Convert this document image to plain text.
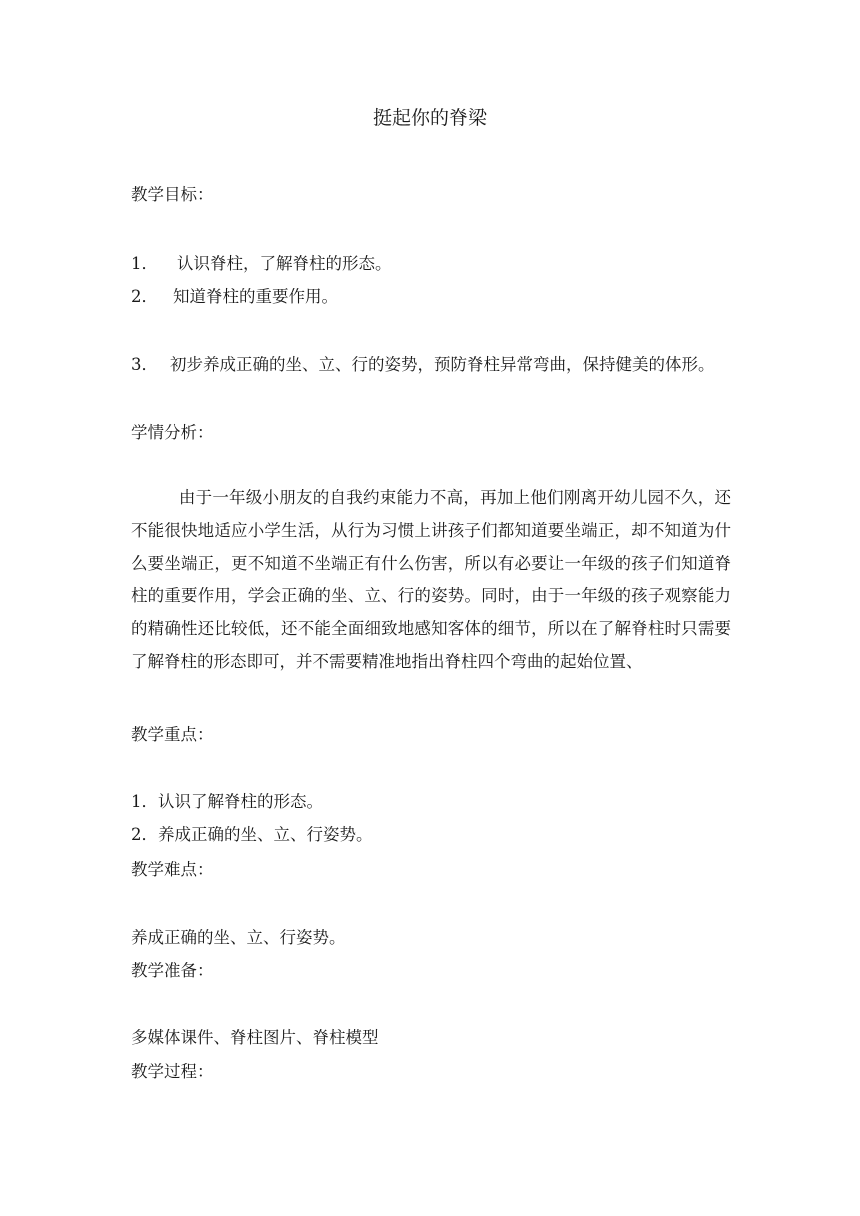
挺起你的脊梁
教学目标：
1． 认识脊柱，了解脊柱的形态。
2． 知道脊柱的重要作用。
3． 初步养成正确的坐、立、行的姿势，预防脊柱异常弯曲，保持健美的体形。
学情分析：
由于一年级小朋友的自我约束能力不高，再加上他们刚离开幼儿园不久，还不能很快地适应小学生活，从行为习惯上讲孩子们都知道要坐端正，却不知道为什么要坐端正，更不知道不坐端正有什么伤害，所以有必要让一年级的孩子们知道脊柱的重要作用，学会正确的坐、立、行的姿势。同时，由于一年级的孩子观察能力的精确性还比较低，还不能全面细致地感知客体的细节，所以在了解脊柱时只需要了解脊柱的形态即可，并不需要精准地指出脊柱四个弯曲的起始位置、
教学重点：
1．认识了解脊柱的形态。
2．养成正确的坐、立、行姿势。
教学难点：
养成正确的坐、立、行姿势。
教学准备：
多媒体课件、脊柱图片、脊柱模型
教学过程：
